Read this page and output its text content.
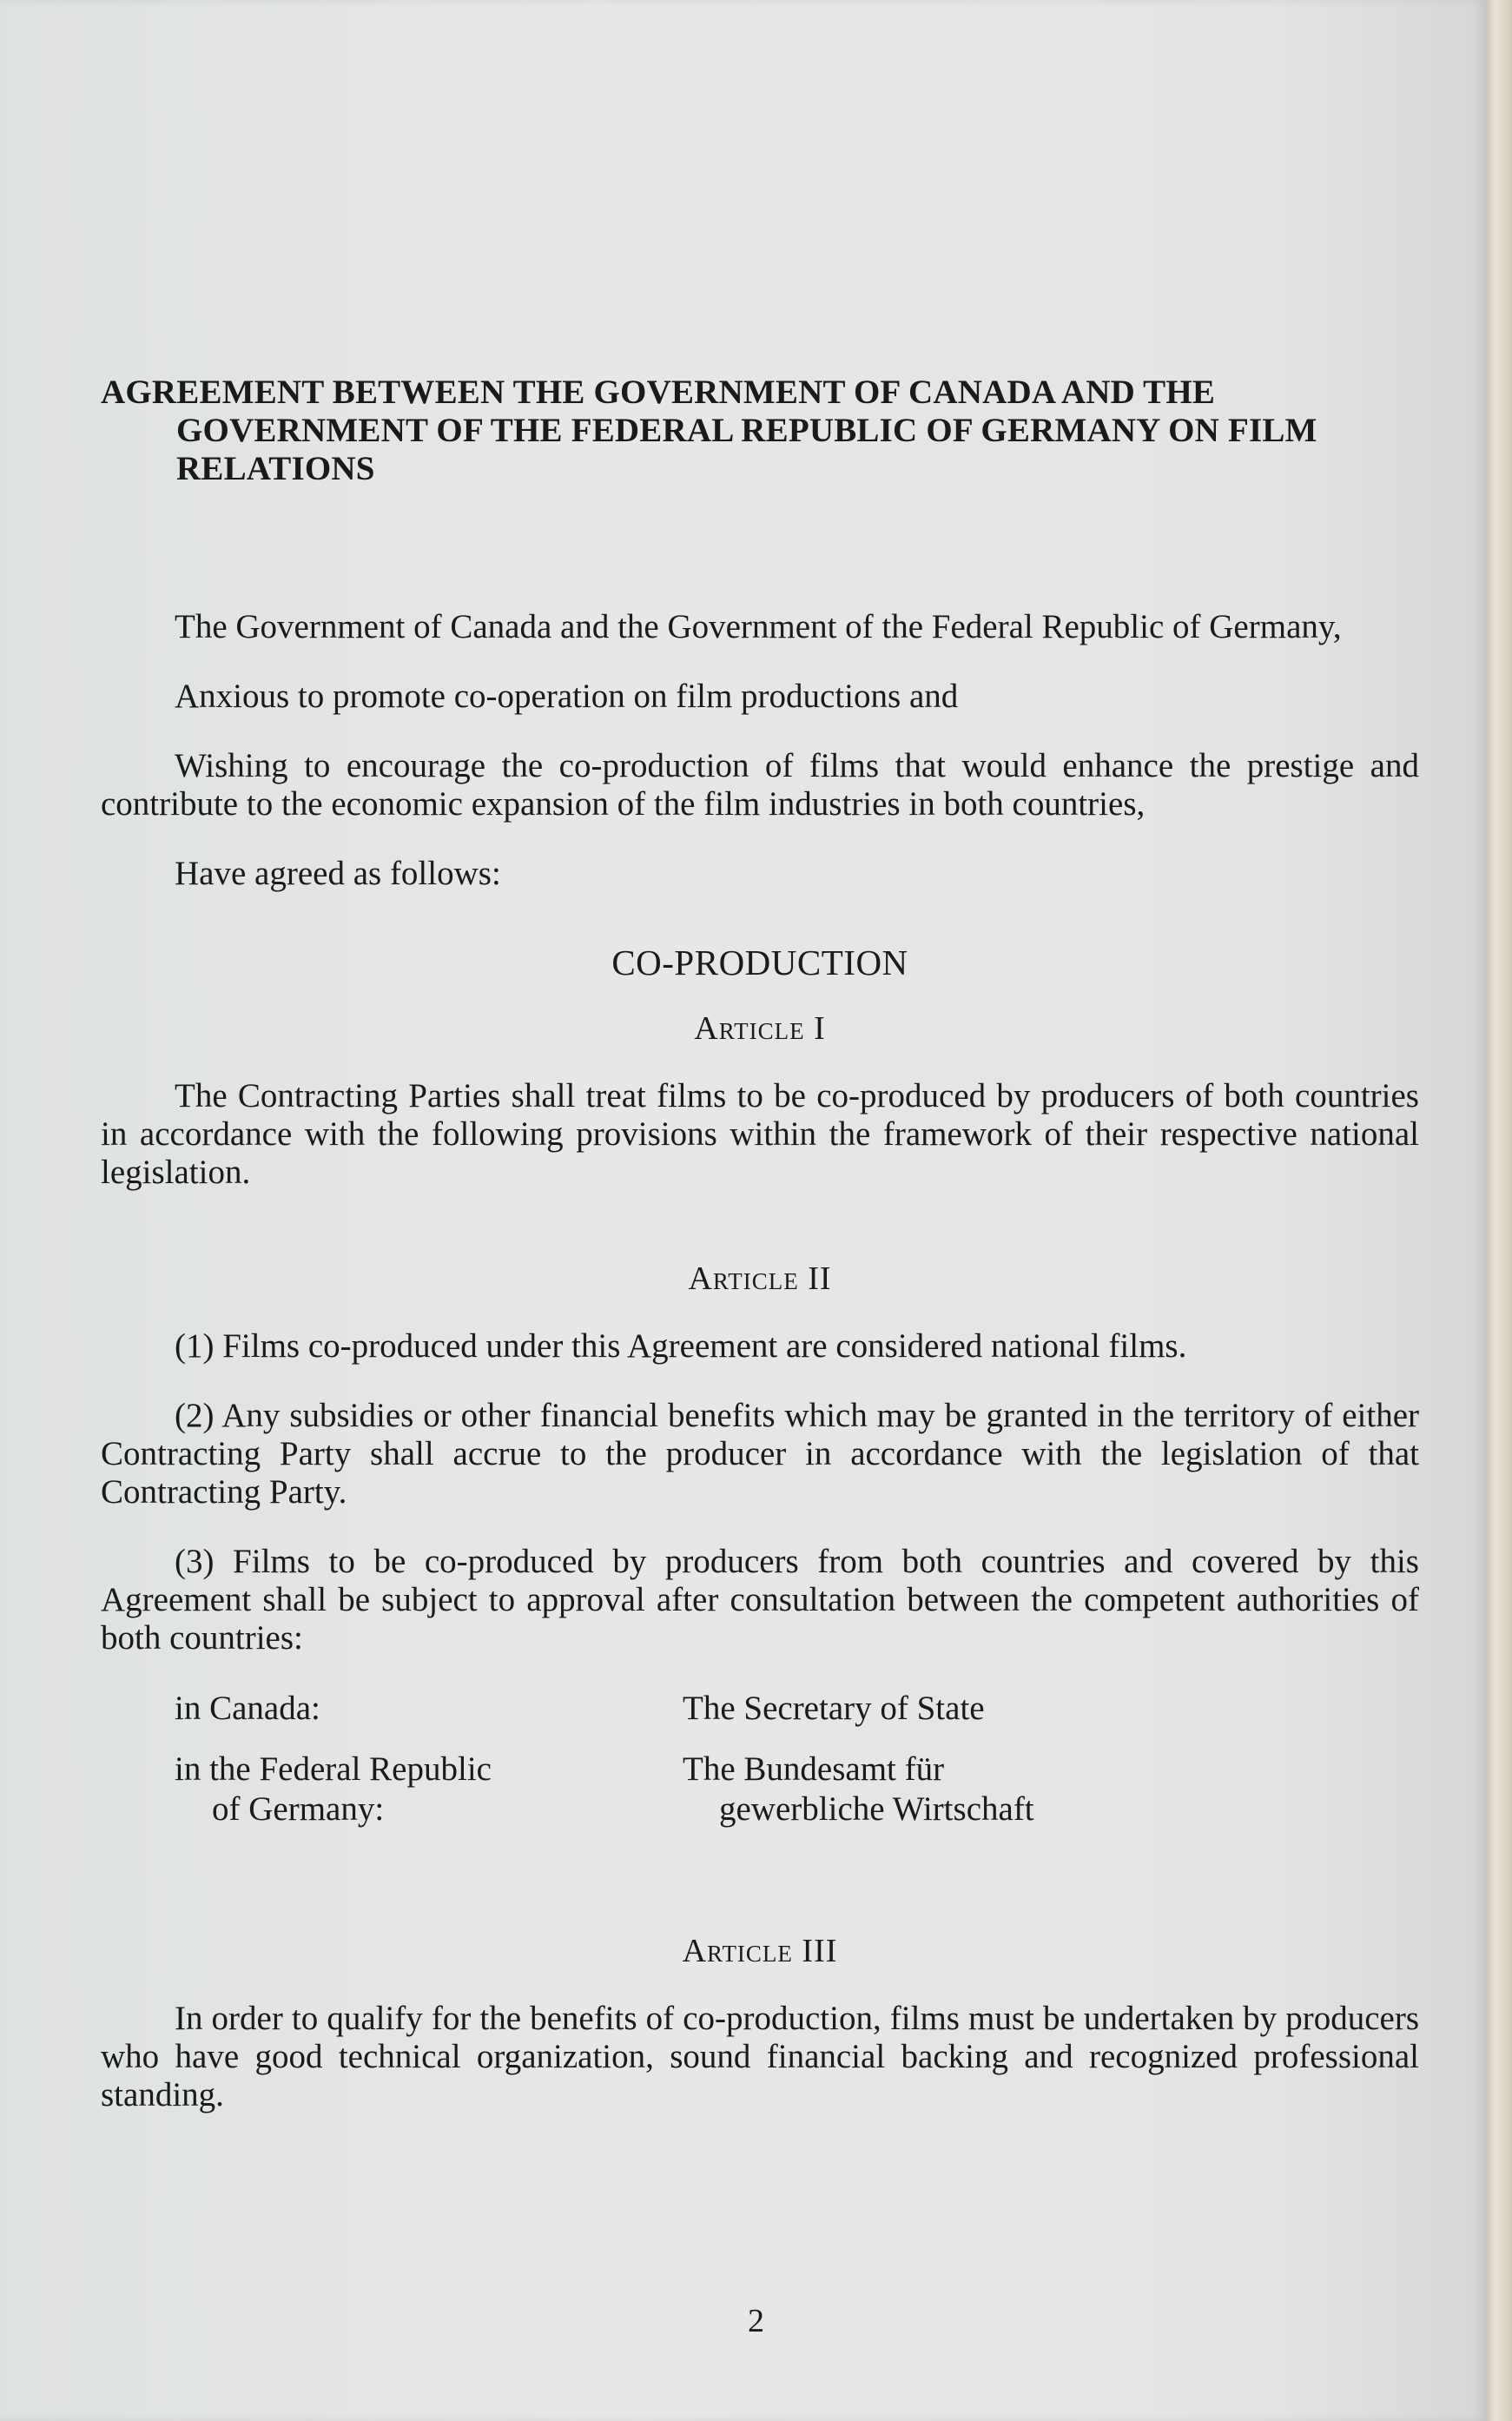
AGREEMENT BETWEEN THE GOVERNMENT OF CANADA AND THE GOVERNMENT OF THE FEDERAL REPUBLIC OF GERMANY ON FILM RELATIONS

The Government of Canada and the Government of the Federal Republic of Germany,

Anxious to promote co-operation on film productions and

Wishing to encourage the co-production of films that would enhance the prestige and contribute to the economic expansion of the film industries in both countries,

Have agreed as follows:

CO-PRODUCTION
Article I

The Contracting Parties shall treat films to be co-produced by producers of both countries in accordance with the following provisions within the framework of their respective national legislation.

Article II

(1) Films co-produced under this Agreement are considered national films.

(2) Any subsidies or other financial benefits which may be granted in the territory of either Contracting Party shall accrue to the producer in accordance with the legislation of that Contracting Party.

(3) Films to be co-produced by producers from both countries and covered by this Agreement shall be subject to approval after consultation between the competent authorities of both countries:

in Canada:	The Secretary of State
in the Federal Republic
of Germany:
The Bundesamt für
gewerbliche Wirtschaft
Article III

In order to qualify for the benefits of co-production, films must be undertaken by producers who have good technical organization, sound financial backing and recognized professional standing.

2
